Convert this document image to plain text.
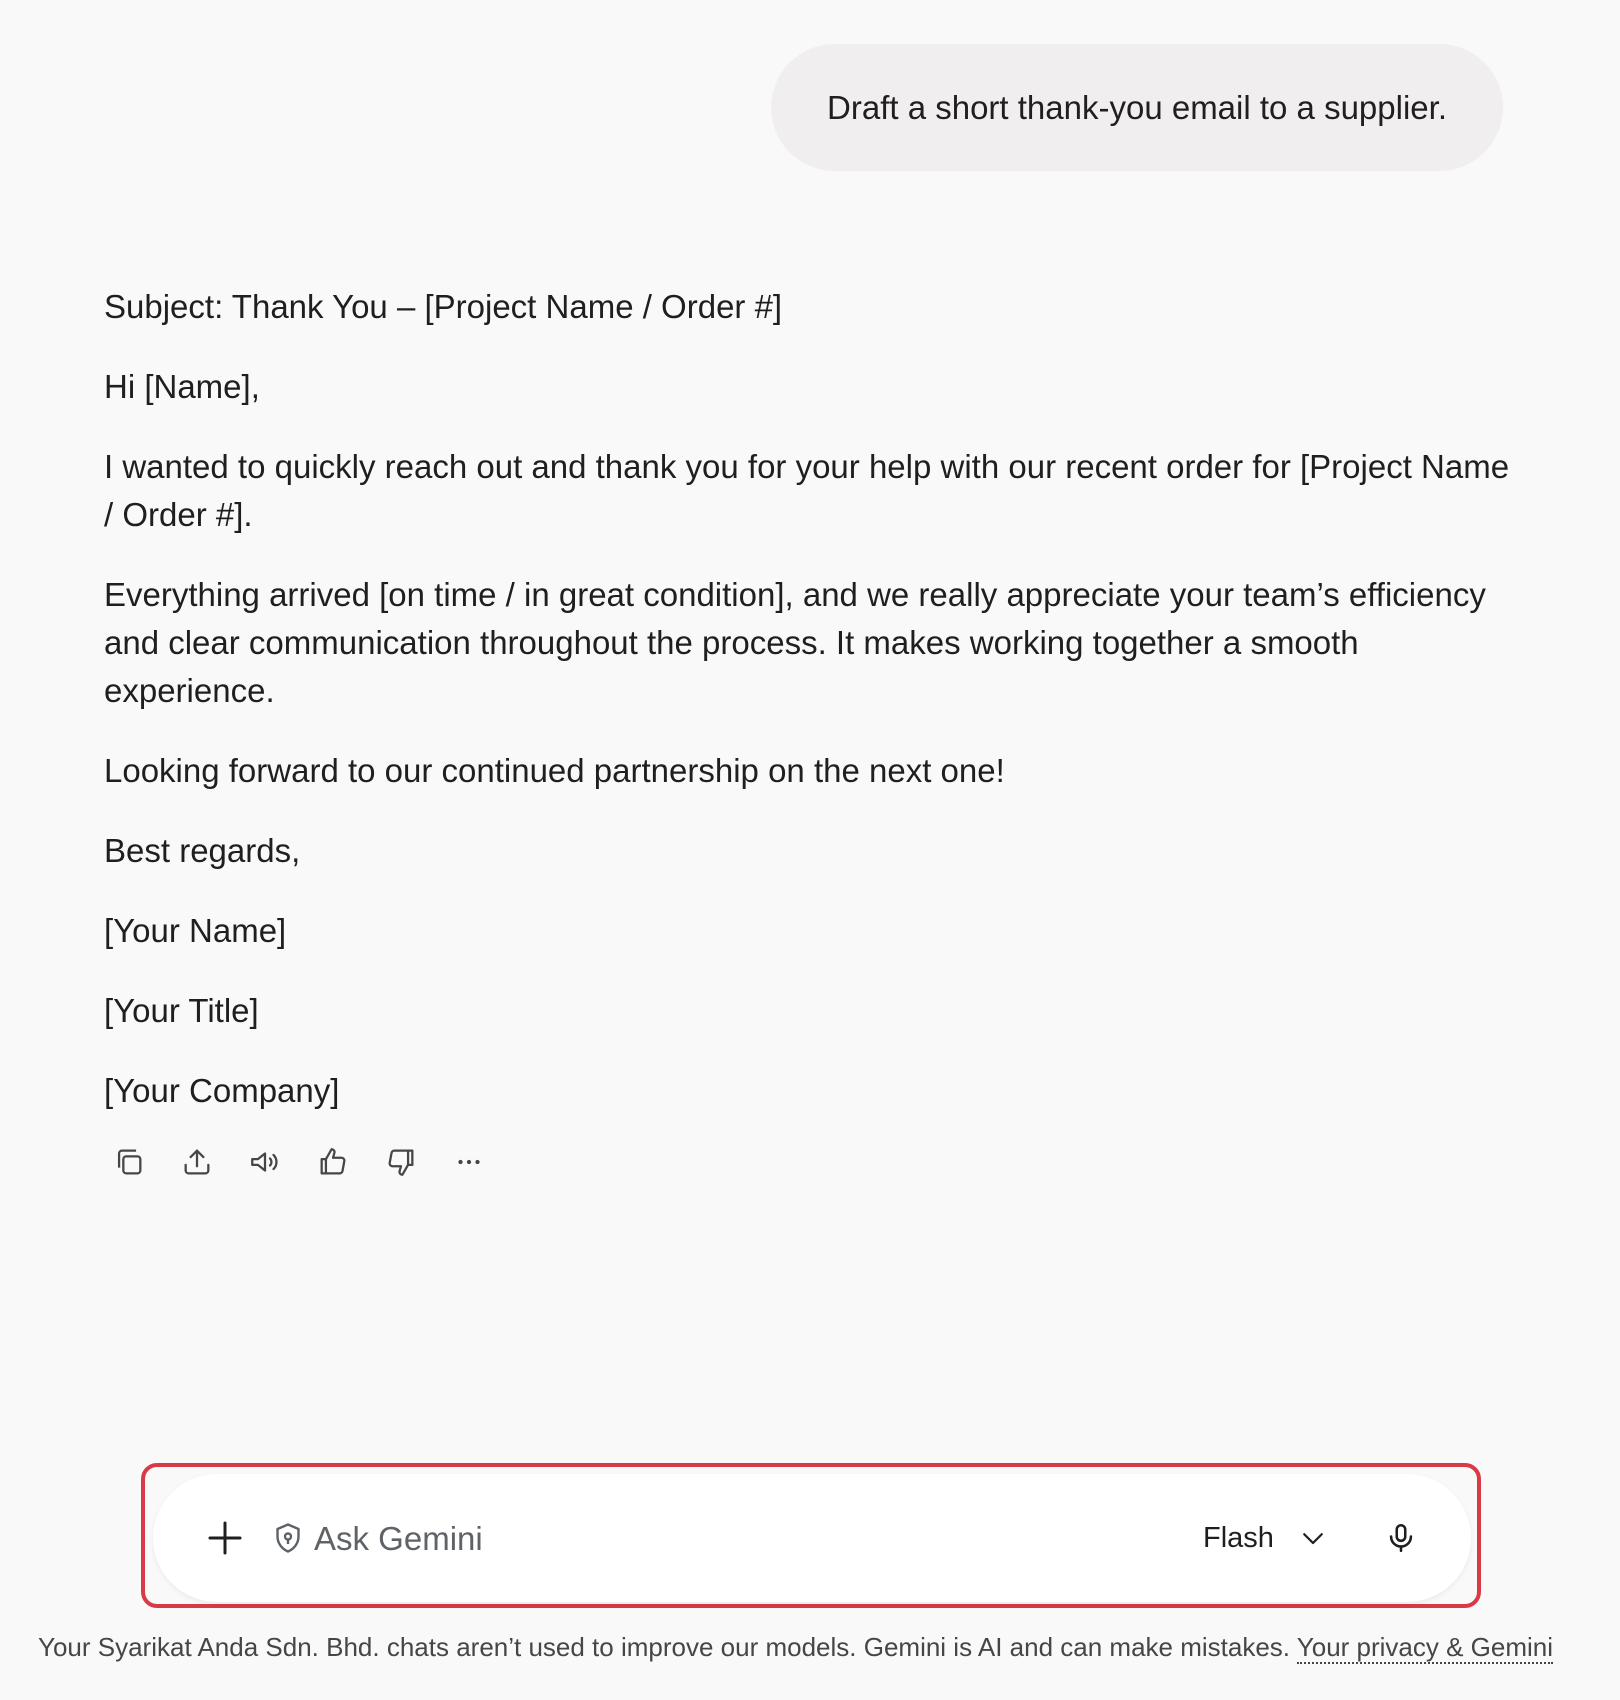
Draft a short thank-you email to a supplier.

Subject: Thank You – [Project Name / Order #]

Hi [Name],

I wanted to quickly reach out and thank you for your help with our recent order for [Project Name / Order #].

Everything arrived [on time / in great condition], and we really appreciate your team’s efficiency and clear communication throughout the process. It makes working together a smooth experience.

Looking forward to our continued partnership on the next one!

Best regards,

[Your Name]

[Your Title]

[Your Company]

Ask Gemini
Flash
Your Syarikat Anda Sdn. Bhd. chats aren’t used to improve our models. Gemini is AI and can make mistakes. Your privacy & Gemini
